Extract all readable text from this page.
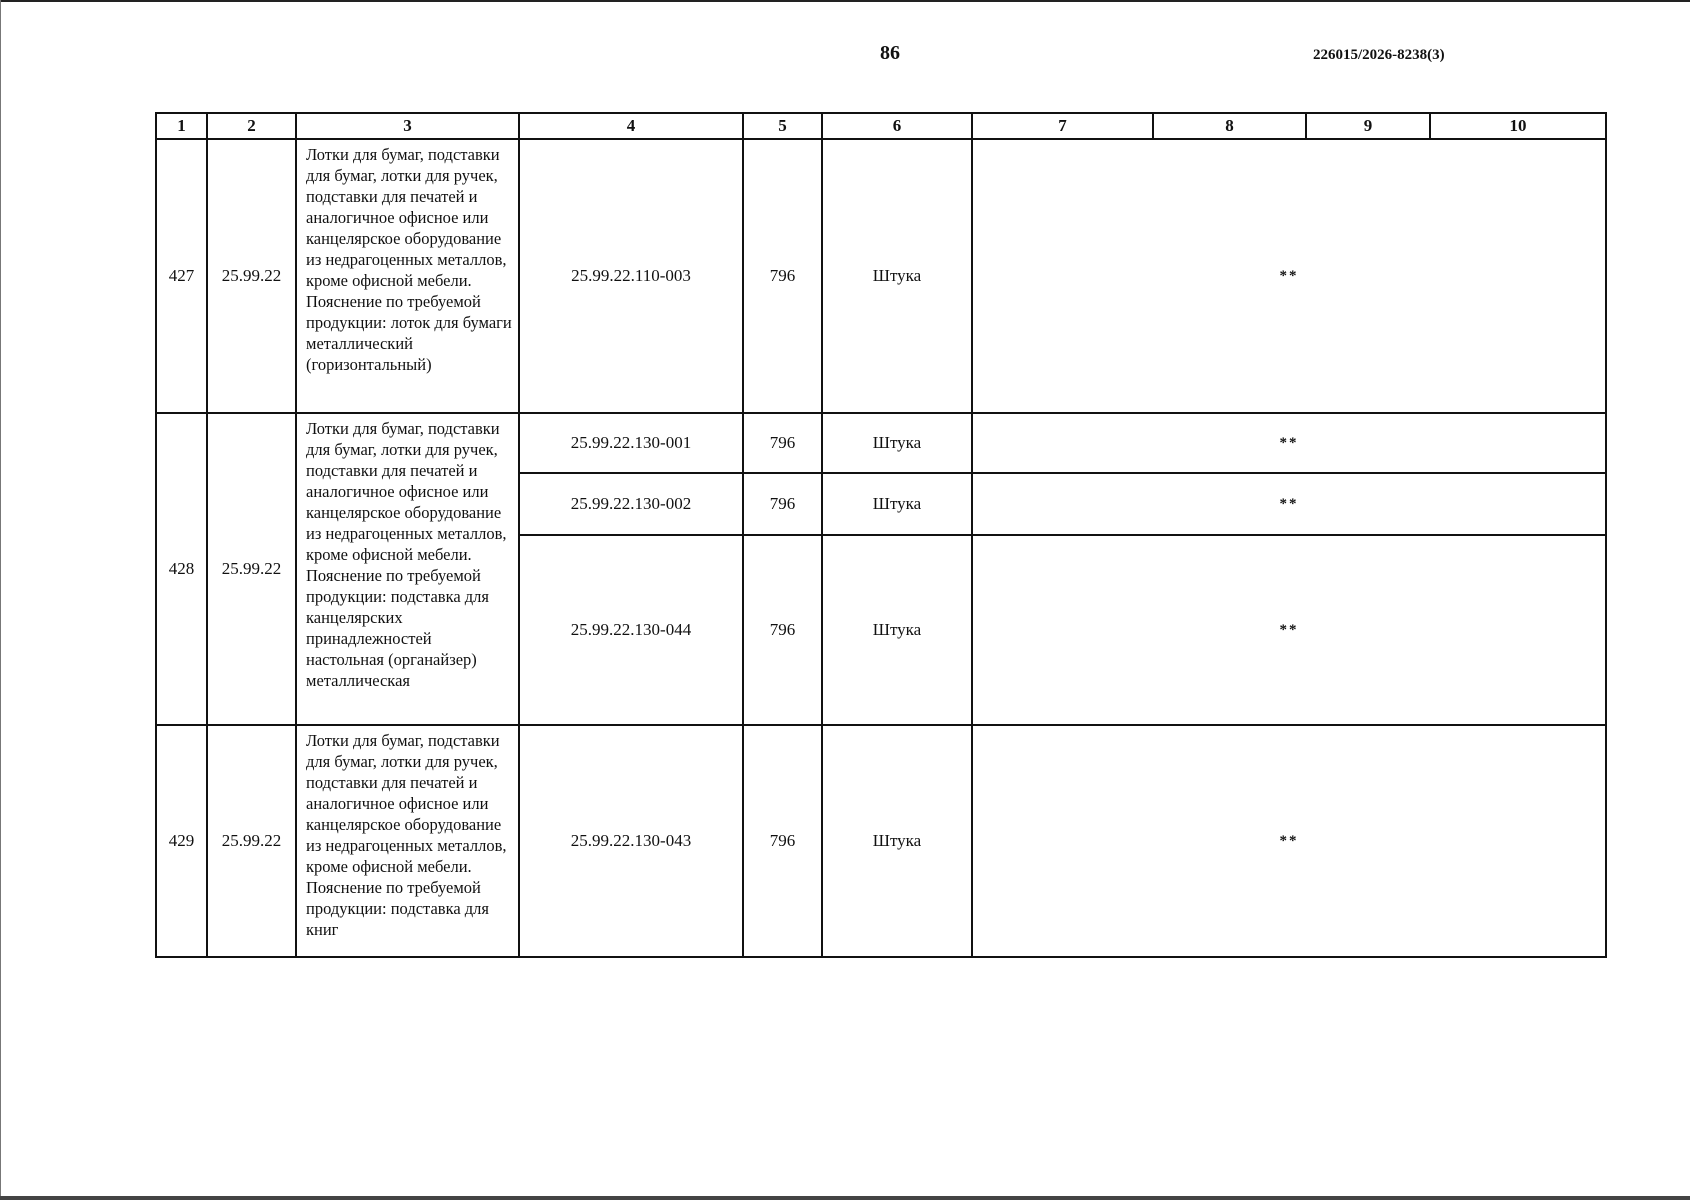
86	226015/2026-8238(3)
1	2	3	4	5	6	7	8	9	10
427	25.99.22	Лотки для бумаг, подставки для бумаг, лотки для ручек, подставки для печатей и аналогичное офисное или канцелярское оборудование из недрагоценных металлов, кроме офисной мебели. Пояснение по требуемой продукции: лоток для бумаги металлический (горизонтальный)	25.99.22.110-003	796	Штука	**			
428	25.99.22	Лотки для бумаг, подставки для бумаг, лотки для ручек, подставки для печатей и аналогичное офисное или канцелярское оборудование из недрагоценных металлов, кроме офисной мебели. Пояснение по требуемой продукции: подставка для канцелярских принадлежностей настольная (органайзер) металлическая	25.99.22.130-001	796	Штука	**			
			25.99.22.130-002	796	Штука	**			
			25.99.22.130-044	796	Штука	**			
429	25.99.22	Лотки для бумаг, подставки для бумаг, лотки для ручек, подставки для печатей и аналогичное офисное или канцелярское оборудование из недрагоценных металлов, кроме офисной мебели. Пояснение по требуемой продукции: подставка для книг	25.99.22.130-043	796	Штука	**			
